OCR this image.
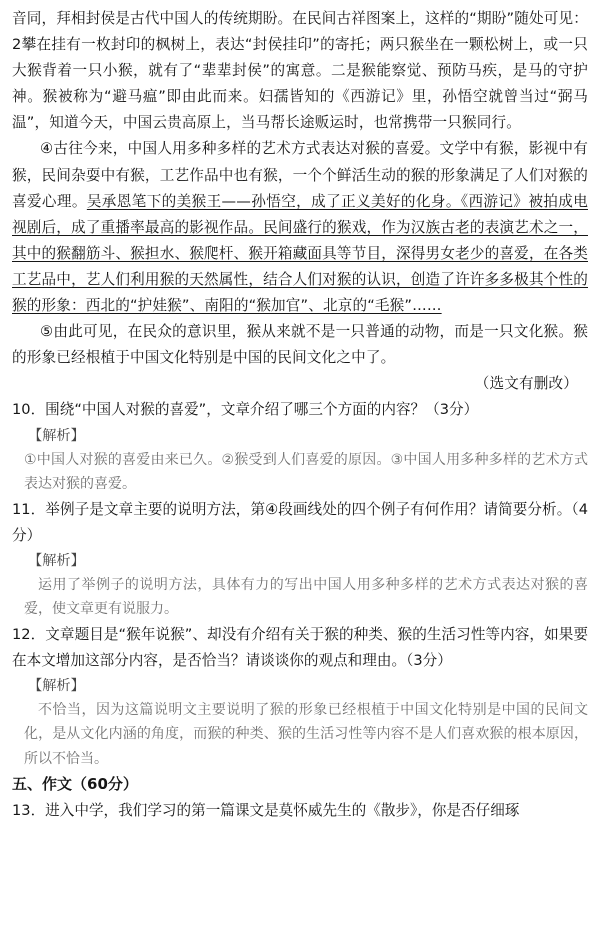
音同，拜相封侯是古代中国人的传统期盼。在民间古祥图案上，这样的“期盼”随处可见：2攀在挂有一枚封印的枫树上，表达“封侯挂印”的寄托；两只猴坐在一颗松树上，或一只大猴背着一只小猴，就有了“辈辈封侯”的寓意。二是猴能察觉、预防马疾，是马的守护神。猴被称为“避马瘟”即由此而来。妇孺皆知的《西游记》里，孙悟空就曾当过“弼马温”，知道今天，中国云贵高原上，当马帮长途贩运时，也常携带一只猴同行。

④古往今来，中国人用多种多样的艺术方式表达对猴的喜爱。文学中有猴，影视中有猴，民间杂耍中有猴，工艺作品中也有猴，一个个鲜活生动的猴的形象满足了人们对猴的喜爱心理。吴承恩笔下的美猴王——孙悟空，成了正义美好的化身。《西游记》被拍成电视剧后，成了重播率最高的影视作品。民间盛行的猴戏，作为汉族古老的表演艺术之一，其中的猴翻筋斗、猴担水、猴爬杆、猴开箱藏面具等节目，深得男女老少的喜爱，在各类工艺品中，艺人们利用猴的天然属性，结合人们对猴的认识，创造了许许多多极其个性的猴的形象：西北的“护娃猴”、南阳的“猴加官”、北京的“毛猴”……

⑤由此可见，在民众的意识里，猴从来就不是一只普通的动物，而是一只文化猴。猴的形象已经根植于中国文化特别是中国的民间文化之中了。

（选文有删改）

10．围绕“中国人对猴的喜爱”，文章介绍了哪三个方面的内容？（3分）

【解析】

①中国人对猴的喜爱由来已久。②猴受到人们喜爱的原因。③中国人用多种多样的艺术方式表达对猴的喜爱。

11．举例子是文章主要的说明方法，第④段画线处的四个例子有何作用？请简要分析。（4分）

【解析】

运用了举例子的说明方法，具体有力的写出中国人用多种多样的艺术方式表达对猴的喜爱，使文章更有说服力。

12．文章题目是“猴年说猴”、却没有介绍有关于猴的种类、猴的生活习性等内容，如果要在本文增加这部分内容，是否恰当？请谈谈你的观点和理由。（3分）

【解析】

不恰当，因为这篇说明文主要说明了猴的形象已经根植于中国文化特别是中国的民间文化，是从文化内涵的角度，而猴的种类、猴的生活习性等内容不是人们喜欢猴的根本原因，所以不恰当。

五、作文（60分）

13．进入中学，我们学习的第一篇课文是莫怀威先生的《散步》，你是否仔细琢
